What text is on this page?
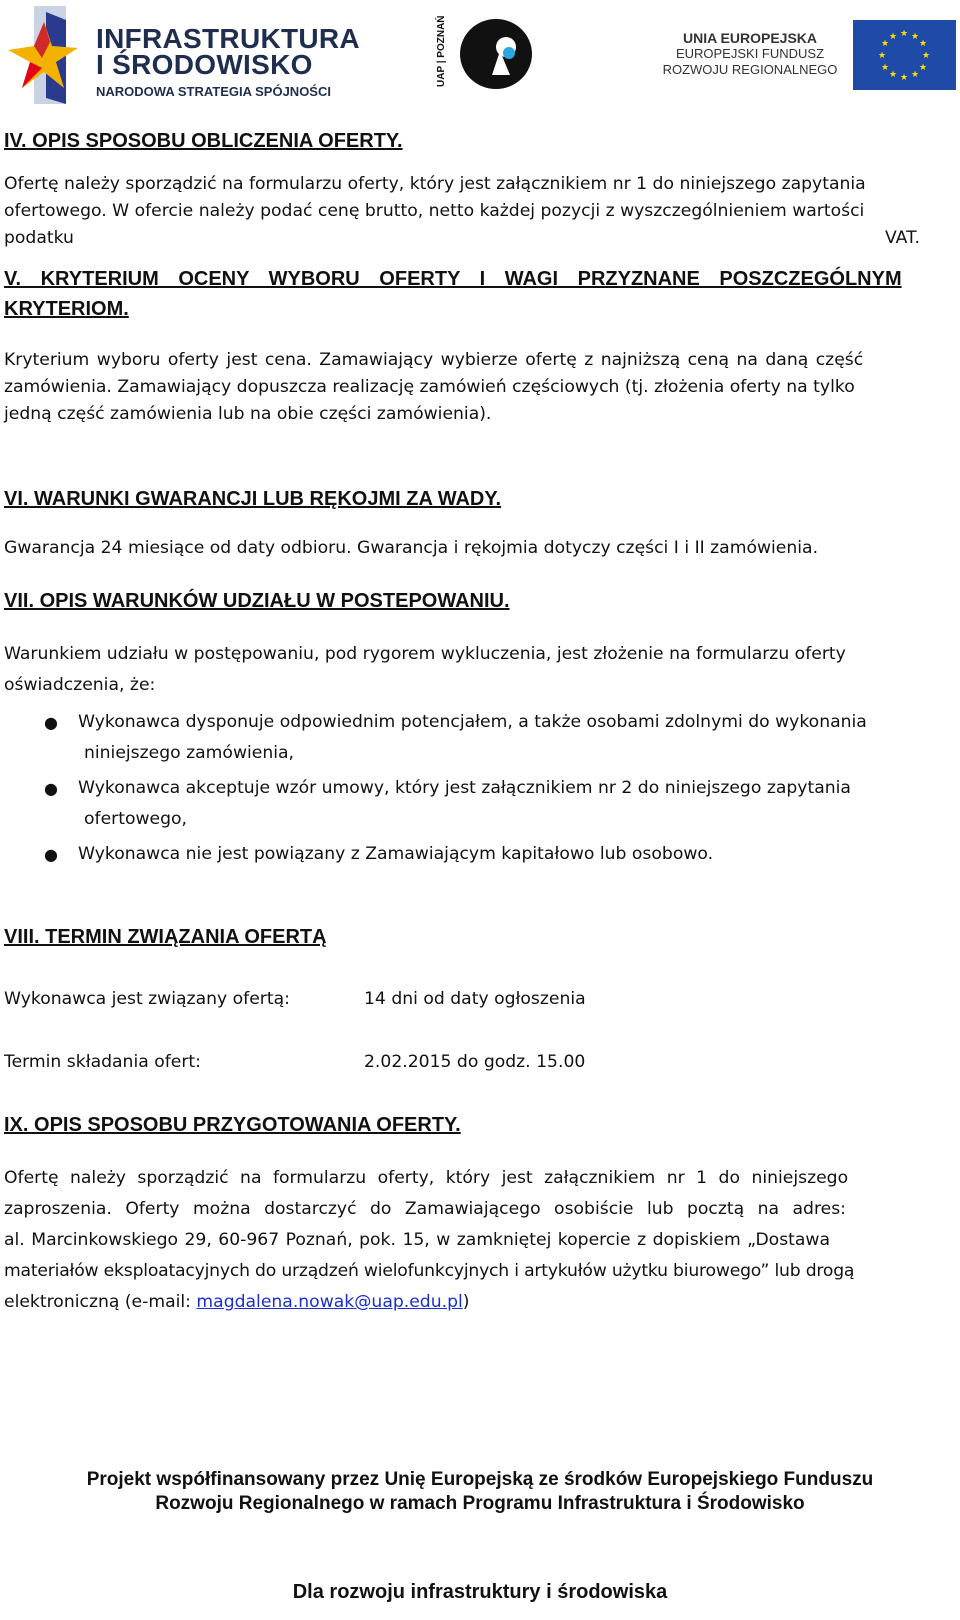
INFRASTRUKTURA
I ŚRODOWISKO
NARODOWA STRATEGIA SPÓJNOŚCI
UAP | POZNAŃ	UNIA EUROPEJSKA
EUROPEJSKI FUNDUSZ
ROZWOJU REGIONALNEGO
★ ★
★
★
★
★
★
★
★
★
★
★

IV. OPIS SPOSOBU OBLICZENIA OFERTY.

Ofertę należy sporządzić na formularzu oferty, który jest załącznikiem nr 1 do niniejszego zapytania

ofertowego. W ofercie należy podać cenę brutto, netto każdej pozycji z wyszczególnieniem wartości

podatku	VAT.

V. KRYTERIUM OCENY WYBORU OFERTY I WAGI PRZYZNANE POSZCZEGÓLNYM

KRYTERIOM.

Kryterium wyboru oferty jest cena. Zamawiający wybierze ofertę z najniższą ceną na daną część

zamówienia. Zamawiający dopuszcza realizację zamówień częściowych (tj. złożenia oferty na tylko

jedną część zamówienia lub na obie części zamówienia).

VI. WARUNKI GWARANCJI LUB RĘKOJMI ZA WADY.

Gwarancja 24 miesiące od daty odbioru. Gwarancja i rękojmia dotyczy części I i II zamówienia.

VII. OPIS WARUNKÓW UDZIAŁU W POSTEPOWANIU.

Warunkiem udziału w postępowaniu, pod rygorem wykluczenia, jest złożenie na formularzu oferty

oświadczenia, że:

● Wykonawca dysponuje odpowiednim potencjałem, a także osobami zdolnymi do wykonania
niniejszego zamówienia,
● Wykonawca akceptuje wzór umowy, który jest załącznikiem nr 2 do niniejszego zapytania
ofertowego,
● Wykonawca nie jest powiązany z Zamawiającym kapitałowo lub osobowo.

VIII. TERMIN ZWIĄZANIA OFERTĄ

Wykonawca jest związany ofertą:	14 dni od daty ogłoszenia
Termin składania ofert:	2.02.2015 do godz. 15.00

IX. OPIS SPOSOBU PRZYGOTOWANIA OFERTY.

Ofertę należy sporządzić na formularzu oferty, który jest załącznikiem nr 1 do niniejszego

zaproszenia. Oferty można dostarczyć do Zamawiającego osobiście lub pocztą na adres:

al. Marcinkowskiego 29, 60-967 Poznań, pok. 15, w zamkniętej kopercie z dopiskiem „Dostawa

materiałów eksploatacyjnych do urządzeń wielofunkcyjnych i artykułów użytku biurowego” lub drogą

elektroniczną (e-mail: magdalena.nowak@uap.edu.pl)

Projekt współfinansowany przez Unię Europejską ze środków Europejskiego Funduszu
Rozwoju Regionalnego w ramach Programu Infrastruktura i Środowisko
Dla rozwoju infrastruktury i środowiska
